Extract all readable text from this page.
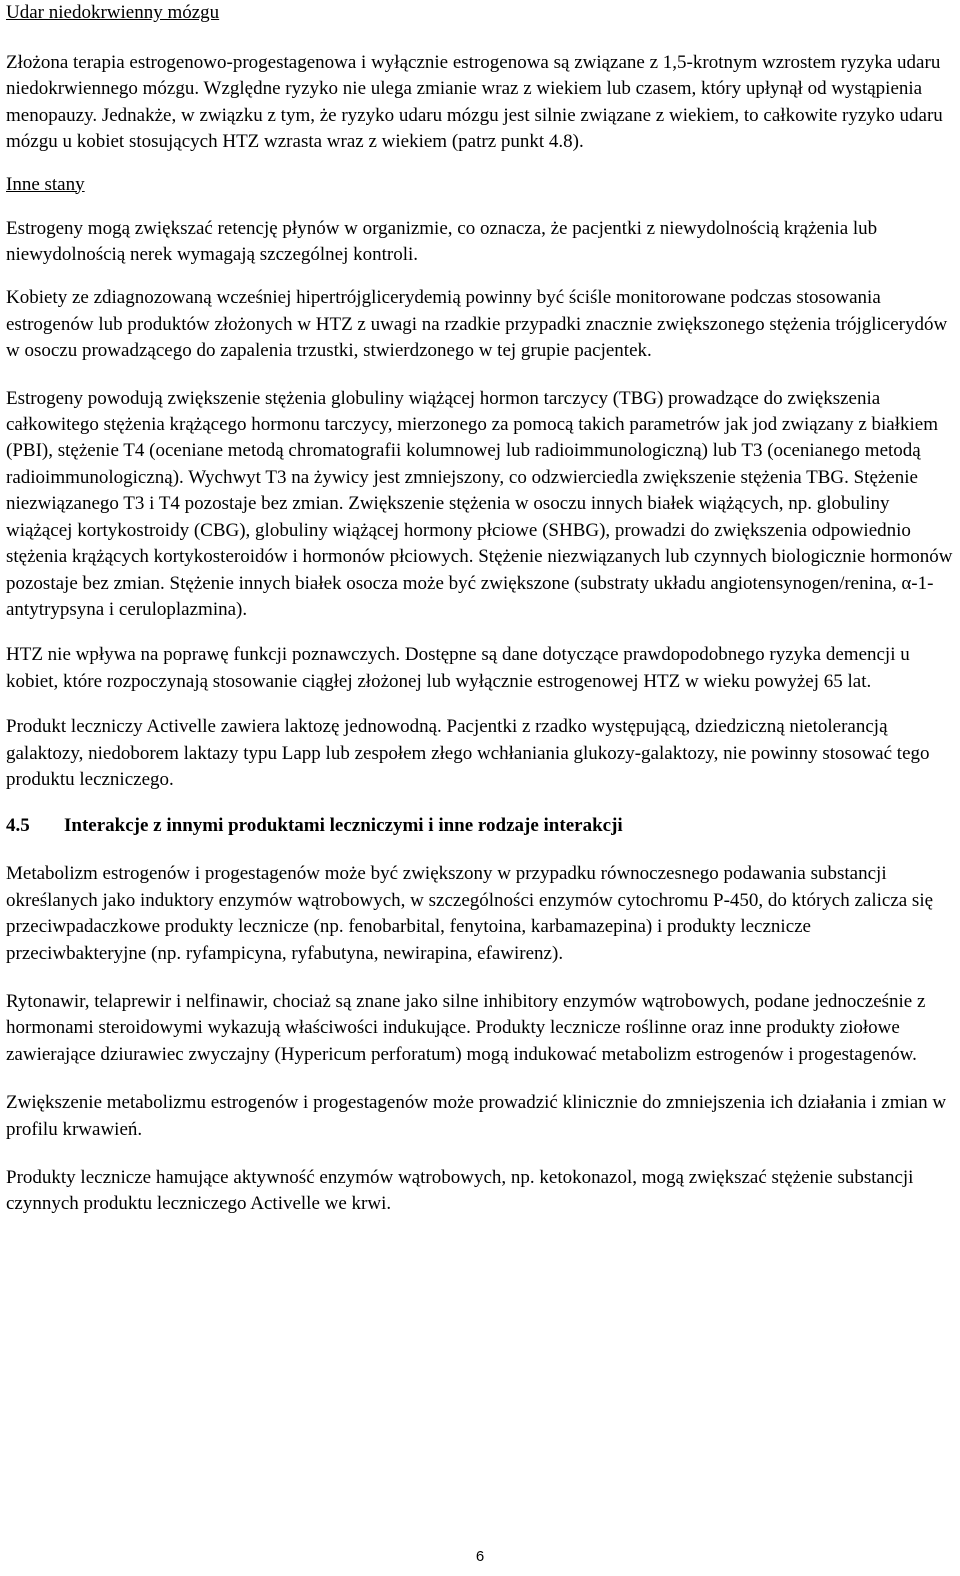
Udar niedokrwienny mózgu

Złożona terapia estrogenowo-progestagenowa i wyłącznie estrogenowa są związane z 1,5-krotnym wzrostem ryzyka udaru niedokrwiennego mózgu. Względne ryzyko nie ulega zmianie wraz z wiekiem lub czasem, który upłynął od wystąpienia menopauzy. Jednakże, w związku z tym, że ryzyko udaru mózgu jest silnie związane z wiekiem, to całkowite ryzyko udaru mózgu u kobiet stosujących HTZ wzrasta wraz z wiekiem (patrz punkt 4.8).

Inne stany

Estrogeny mogą zwiększać retencję płynów w organizmie, co oznacza, że pacjentki z niewydolnością krążenia lub niewydolnością nerek wymagają szczególnej kontroli.

Kobiety ze zdiagnozowaną wcześniej hipertrójglicerydemią powinny być ściśle monitorowane podczas stosowania estrogenów lub produktów złożonych w HTZ z uwagi na rzadkie przypadki znacznie zwiększonego stężenia trójglicerydów w osoczu prowadzącego do zapalenia trzustki, stwierdzonego w tej grupie pacjentek.

Estrogeny powodują zwiększenie stężenia globuliny wiążącej hormon tarczycy (TBG) prowadzące do zwiększenia całkowitego stężenia krążącego hormonu tarczycy, mierzonego za pomocą takich parametrów jak jod związany z białkiem (PBI), stężenie T4 (oceniane metodą chromatografii kolumnowej lub radioimmunologiczną) lub T3 (ocenianego metodą radioimmunologiczną). Wychwyt T3 na żywicy jest zmniejszony, co odzwierciedla zwiększenie stężenia TBG. Stężenie niezwiązanego T3 i T4 pozostaje bez zmian. Zwiększenie stężenia w osoczu innych białek wiążących, np. globuliny wiążącej kortykostroidy (CBG), globuliny wiążącej hormony płciowe (SHBG), prowadzi do zwiększenia odpowiednio stężenia krążących kortykosteroidów i hormonów płciowych. Stężenie niezwiązanych lub czynnych biologicznie hormonów pozostaje bez zmian. Stężenie innych białek osocza może być zwiększone (substraty układu angiotensynogen/renina, α-1-antytrypsyna i ceruloplazmina).

HTZ nie wpływa na poprawę funkcji poznawczych. Dostępne są dane dotyczące prawdopodobnego ryzyka demencji u kobiet, które rozpoczynają stosowanie ciągłej złożonej lub wyłącznie estrogenowej HTZ w wieku powyżej 65 lat.

Produkt leczniczy Activelle zawiera laktozę jednowodną. Pacjentki z rzadko występującą, dziedziczną nietolerancją galaktozy, niedoborem laktazy typu Lapp lub zespołem złego wchłaniania glukozy-galaktozy, nie powinny stosować tego produktu leczniczego.

4.5 Interakcje z innymi produktami leczniczymi i inne rodzaje interakcji

Metabolizm estrogenów i progestagenów może być zwiększony w przypadku równoczesnego podawania substancji określanych jako induktory enzymów wątrobowych, w szczególności enzymów cytochromu P-450, do których zalicza się przeciwpadaczkowe produkty lecznicze (np. fenobarbital, fenytoina, karbamazepina) i produkty lecznicze przeciwbakteryjne (np. ryfampicyna, ryfabutyna, newirapina, efawirenz).

Rytonawir, telaprewir i nelfinawir, chociaż są znane jako silne inhibitory enzymów wątrobowych, podane jednocześnie z hormonami steroidowymi wykazują właściwości indukujące. Produkty lecznicze roślinne oraz inne produkty ziołowe zawierające dziurawiec zwyczajny (Hypericum perforatum) mogą indukować metabolizm estrogenów i progestagenów.

Zwiększenie metabolizmu estrogenów i progestagenów może prowadzić klinicznie do zmniejszenia ich działania i zmian w profilu krwawień.

Produkty lecznicze hamujące aktywność enzymów wątrobowych, np. ketokonazol, mogą zwiększać stężenie substancji czynnych produktu leczniczego Activelle we krwi.

6
